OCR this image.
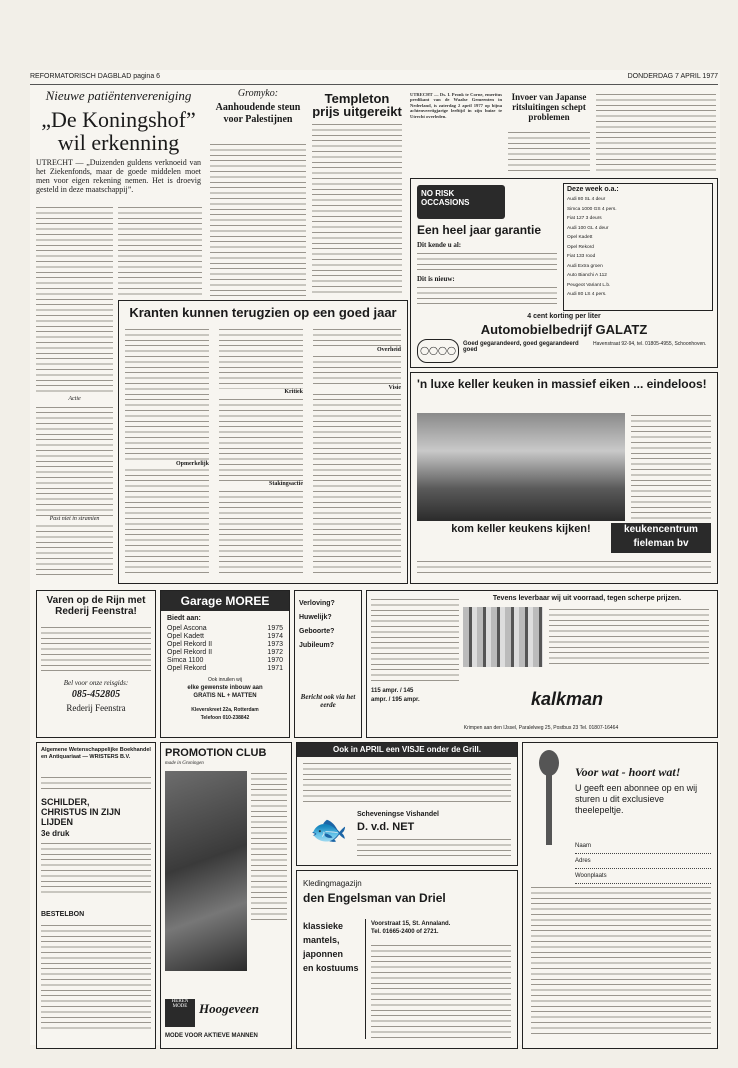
REFORMATORISCH DAGBLAD pagina 6	DONDERDAG 7 APRIL 1977
Nieuwe patiëntenvereniging
„De Koningshof” wil erkenning
UTRECHT — „Duizenden guldens verknoeid van het Ziekenfonds, maar de goede middelen moet men voor eigen rekening nemen. Het is droevig gesteld in deze maatschappij”.
Actie
Past niet in stramien
Gromyko:
Aanhoudende steun voor Palestijnen
Templeton prijs uitgereikt
UTRECHT — Ds. I. Pronk te Corne, emeritus predikant van de Waalse Gemeenten in Nederland, is zaterdag 2 april 1977 op bijna achtenveertigjarige leeftijd in zijn huize te Utrecht overleden.
Invoer van Japanse ritsluitingen schept problemen
Kranten kunnen terugzien op een goed jaar
Overheid
Visie
Kritiek
Opmerkelijk
Stakingsactie
NO RISK OCCASIONS
Een heel jaar garantie
Dit kende u al:
Dit is nieuw:
Deze week o.a.:
Audi 80 SL 4 deur
Simca 1000 GS 4 pers.
Fiat 127 3 deurs
Audi 100 GL 4 deur
Opel Kadett
Opel Rekord
Fiat 133 rood
Audi Extra groen
Auto Bianchi A 112
Peugeot Variant L.b.
Audi 80 LS 4 pers.
4 cent korting per liter
Automobielbedrijf GALATZ
◯◯◯◯
Goed gegarandeerd, goed gegarandeerd goed
Havenstraat 92-94, tel. 01805-4955, Schoonhoven.
'n luxe keller keuken in massief eiken ... eindeloos!
kom keller keukens kijken!	keukencentrum fieleman bv
Varen op de Rijn met Rederij Feenstra!
Bel voor onze reisgids:
085-452805
Rederij Feenstra
Garage MOREE
Biedt aan:
Opel Ascona	1975
Opel Kadett	1974
Opel Rekord II	1973
Opel Rekord II	1972
Simca 1100	1970
Opel Rekord	1971
Ook inruilen wij
elke gewenste inbouw aan
GRATIS NL + MATTEN
Kleverskreet 22a, Rotterdam
Telefoon 010-238842
Verloving?
Huwelijk?
Geboorte?
Jubileum?
Bericht ook via het eerde
Tevens leverbaar wij uit voorraad, tegen scherpe prijzen.
115 ampr. / 145 ampr. / 195 ampr.	kalkman
Krimpen aan den IJssel, Paralelweg 25, Postbus 23 Tel. 01807-16464
PROMOTION CLUB
made in Groningen
HEREN MODE Hoogeveen
MODE VOOR AKTIEVE MANNEN
Algemene Wetenschappelijke Boekhandel en Antiquariaat — WRISTERS B.V.
SCHILDER,
CHRISTUS IN ZIJN LIJDEN
3e druk
BESTELBON
Ook in APRIL een VISJE onder de Grill.
Scheveningse Vishandel
D. v.d. NET
🐟
Kledingmagazijn
den Engelsman van Driel
klassieke
mantels,
japonnen
en kostuums
Voorstraat 15, St. Annaland.
Tel. 01665-2400 of 2721.
Voor wat - hoort wat!
U geeft een abonnee op en wij sturen u dit exclusieve theelepeltje.
Naam
Adres
Woonplaats
